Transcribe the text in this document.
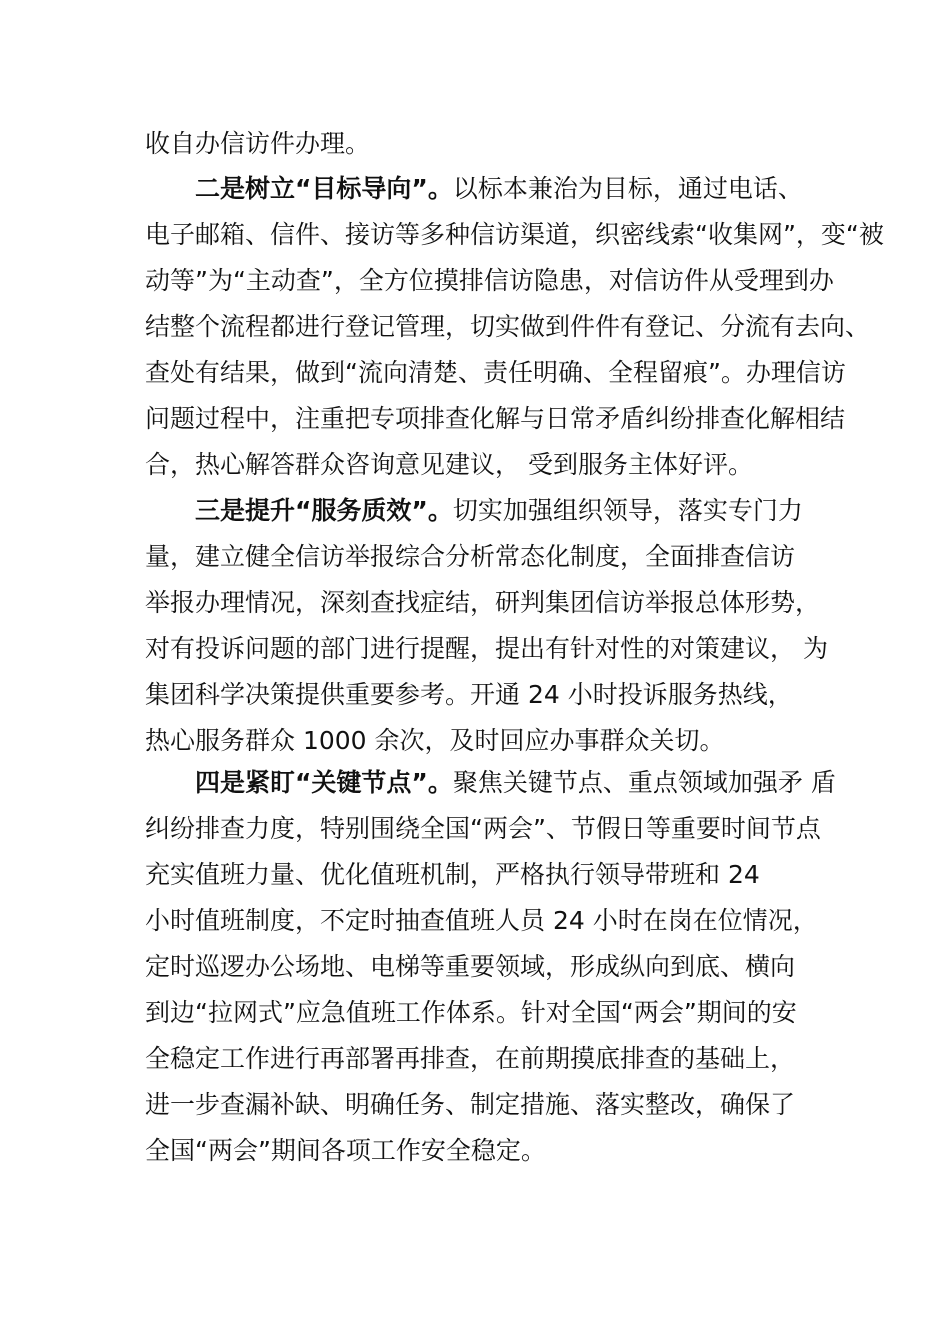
收自办信访件办理。
二是树立“目标导向”。以标本兼治为目标，通过电话、
电子邮箱、信件、接访等多种信访渠道，织密线索“收集网”，变“被
动等”为“主动查”，全方位摸排信访隐患，对信访件从受理到办
结整个流程都进行登记管理，切实做到件件有登记、分流有去向、
查处有结果，做到“流向清楚、责任明确、全程留痕”。办理信访
问题过程中，注重把专项排查化解与日常矛盾纠纷排查化解相结
合，热心解答群众咨询意见建议， 受到服务主体好评。
三是提升“服务质效”。切实加强组织领导，落实专门力
量，建立健全信访举报综合分析常态化制度，全面排查信访
举报办理情况，深刻查找症结，研判集团信访举报总体形势，
对有投诉问题的部门进行提醒，提出有针对性的对策建议， 为
集团科学决策提供重要参考。开通 24 小时投诉服务热线，
热心服务群众 1000 余次，及时回应办事群众关切。
四是紧盯“关键节点”。聚焦关键节点、重点领域加强矛 盾
纠纷排查力度，特别围绕全国“两会”、节假日等重要时间节点
充实值班力量、优化值班机制，严格执行领导带班和 24
小时值班制度，不定时抽查值班人员 24 小时在岗在位情况，
定时巡逻办公场地、电梯等重要领域，形成纵向到底、横向
到边“拉网式”应急值班工作体系。针对全国“两会”期间的安
全稳定工作进行再部署再排查，在前期摸底排查的基础上，
进一步查漏补缺、明确任务、制定措施、落实整改，确保了
全国“两会”期间各项工作安全稳定。
